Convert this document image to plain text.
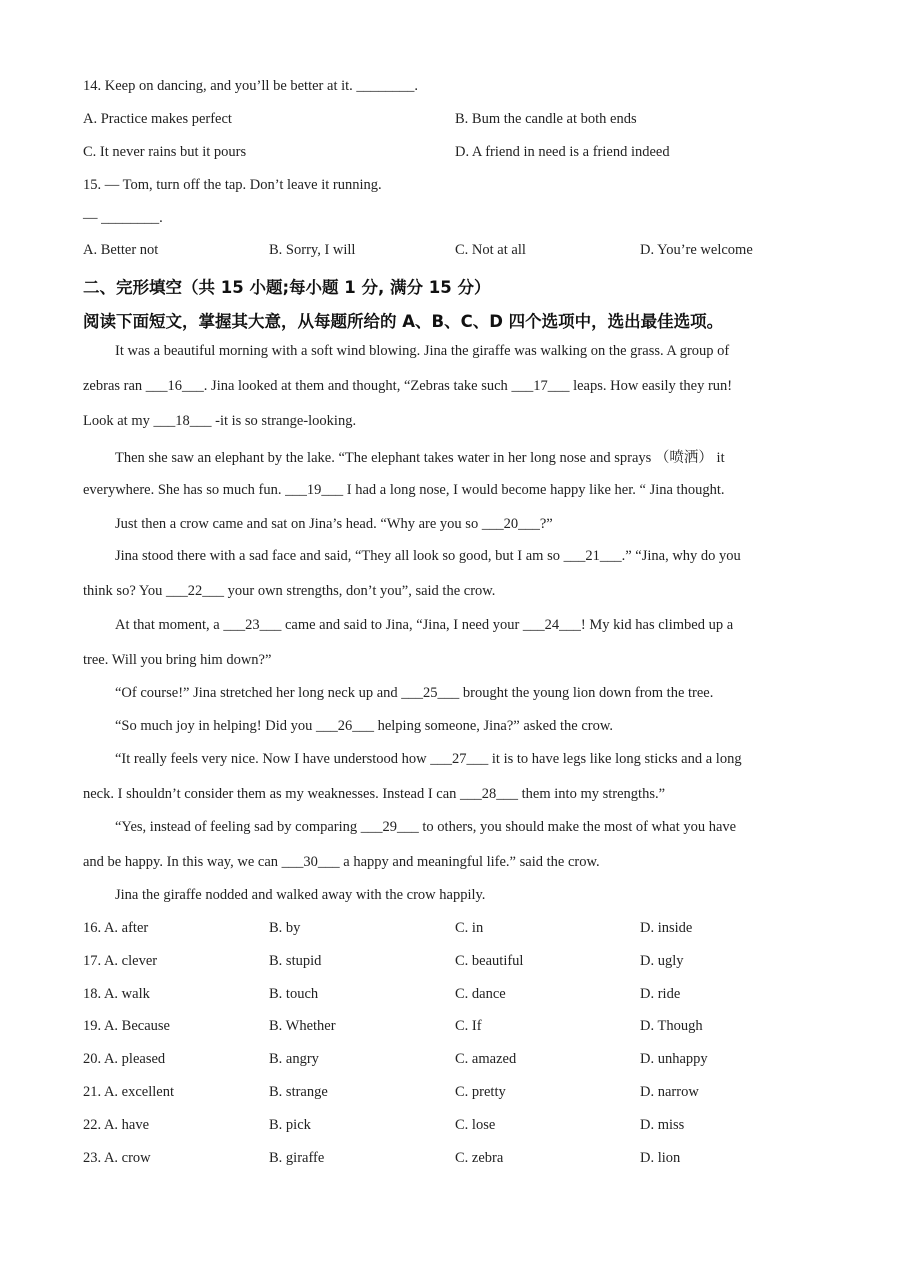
14. Keep on dancing, and you’ll be better at it. ________.
A. Practice makes perfect	B. Bum the candle at both ends
C. It never rains but it pours	D. A friend in need is a friend indeed
15. — Tom, turn off the tap. Don’t leave it running.
— ________.
A. Better not	B. Sorry, I will	C. Not at all	D. You’re welcome
二、完形填空（共 15 小题;每小题 1 分, 满分 15 分）
阅读下面短文，掌握其大意，从每题所给的 A、B、C、D 四个选项中，选出最佳选项。
It was a beautiful morning with a soft wind blowing. Jina the giraffe was walking on the grass. A group of
zebras ran ___16___. Jina looked at them and thought, “Zebras take such ___17___ leaps. How easily they run!
Look at my ___18___ -it is so strange-looking.
Then she saw an elephant by the lake. “The elephant takes water in her long nose and sprays （喷洒） it
everywhere. She has so much fun. ___19___ I had a long nose, I would become happy like her. “ Jina thought.
Just then a crow came and sat on Jina’s head. “Why are you so ___20___?”
Jina stood there with a sad face and said, “They all look so good, but I am so ___21___.” “Jina, why do you
think so? You ___22___ your own strengths, don’t you”, said the crow.
At that moment, a ___23___ came and said to Jina, “Jina, I need your ___24___! My kid has climbed up a
tree. Will you bring him down?”
“Of course!” Jina stretched her long neck up and ___25___ brought the young lion down from the tree.
“So much joy in helping! Did you ___26___ helping someone, Jina?” asked the crow.
“It really feels very nice. Now I have understood how ___27___ it is to have legs like long sticks and a long
neck. I shouldn’t consider them as my weaknesses. Instead I can ___28___ them into my strengths.”
“Yes, instead of feeling sad by comparing ___29___ to others, you should make the most of what you have
and be happy. In this way, we can ___30___ a happy and meaningful life.” said the crow.
Jina the giraffe nodded and walked away with the crow happily.
16. A. after	B. by	C. in	D. inside
17. A. clever	B. stupid	C. beautiful	D. ugly
18. A. walk	B. touch	C. dance	D. ride
19. A. Because	B. Whether	C. If	D. Though
20. A. pleased	B. angry	C. amazed	D. unhappy
21. A. excellent	B. strange	C. pretty	D. narrow
22. A. have	B. pick	C. lose	D. miss
23. A. crow	B. giraffe	C. zebra	D. lion
